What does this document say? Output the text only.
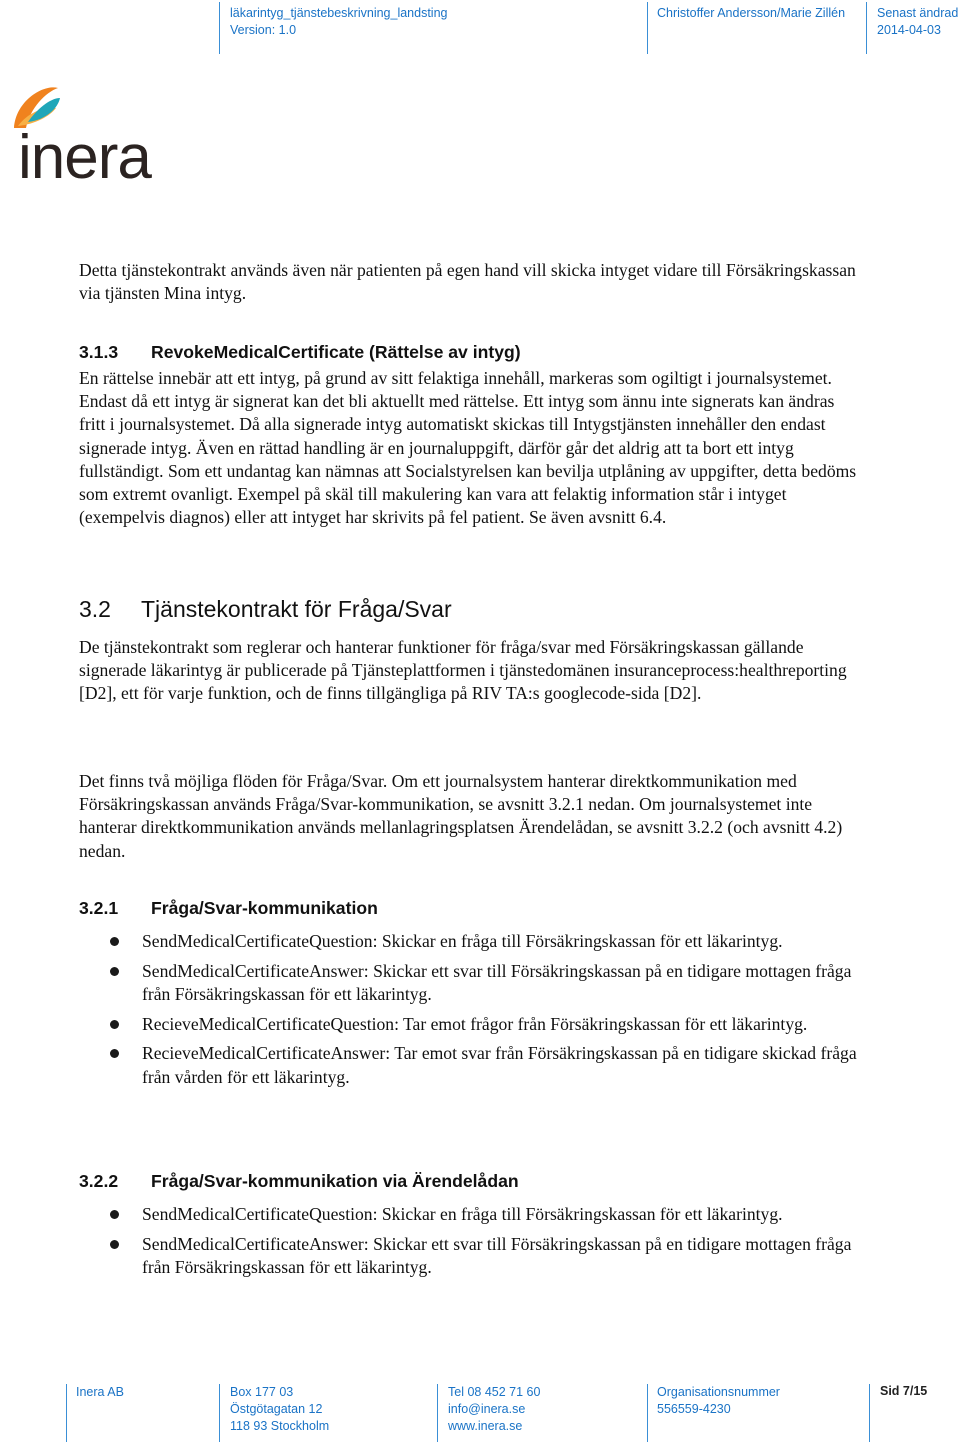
läkarintyg_tjänstebeskrivning_landsting
Version: 1.0
Christoffer Andersson/Marie Zillén	Senast ändrad
2014-04-03
inera

Detta tjänstekontrakt används även när patienten på egen hand vill skicka intyget vidare till Försäkringskassan via tjänsten Mina intyg.

3.1.3 RevokeMedicalCertificate (Rättelse av intyg)

En rättelse innebär att ett intyg, på grund av sitt felaktiga innehåll, markeras som ogiltigt i journalsystemet. Endast då ett intyg är signerat kan det bli aktuellt med rättelse. Ett intyg som ännu inte signerats kan ändras fritt i journalsystemet. Då alla signerade intyg automatiskt skickas till Intygstjänsten innehåller den endast signerade intyg. Även en rättad handling är en journaluppgift, därför går det aldrig att ta bort ett intyg fullständigt. Som ett undantag kan nämnas att Socialstyrelsen kan bevilja utplåning av uppgifter, detta bedöms som extremt ovanligt. Exempel på skäl till makulering kan vara att felaktig information står i intyget (exempelvis diagnos) eller att intyget har skrivits på fel patient. Se även avsnitt 6.4.

3.2 Tjänstekontrakt för Fråga/Svar

De tjänstekontrakt som reglerar och hanterar funktioner för fråga/svar med Försäkringskassan gällande signerade läkarintyg är publicerade på Tjänsteplattformen i tjänstedomänen insuranceprocess:healthreporting [D2], ett för varje funktion, och de finns tillgängliga på RIV TA:s googlecode-sida [D2].

Det finns två möjliga flöden för Fråga/Svar. Om ett journalsystem hanterar direktkommunikation med Försäkringskassan används Fråga/Svar-kommunikation, se avsnitt 3.2.1 nedan. Om journalsystemet inte hanterar direktkommunikation används mellanlagringsplatsen Ärendelådan, se avsnitt 3.2.2 (och avsnitt 4.2) nedan.

3.2.1 Fråga/Svar-kommunikation
SendMedicalCertificateQuestion: Skickar en fråga till Försäkringskassan för ett läkarintyg.
SendMedicalCertificateAnswer: Skickar ett svar till Försäkringskassan på en tidigare mottagen fråga från Försäkringskassan för ett läkarintyg.
RecieveMedicalCertificateQuestion: Tar emot frågor från Försäkringskassan för ett läkarintyg.
RecieveMedicalCertificateAnswer: Tar emot svar från Försäkringskassan på en tidigare skickad fråga från vården för ett läkarintyg.
3.2.2 Fråga/Svar-kommunikation via Ärendelådan
SendMedicalCertificateQuestion: Skickar en fråga till Försäkringskassan för ett läkarintyg.
SendMedicalCertificateAnswer: Skickar ett svar till Försäkringskassan på en tidigare mottagen fråga från Försäkringskassan för ett läkarintyg.
Inera AB	Box 177 03
Östgötagatan 12
118 93 Stockholm
Tel 08 452 71 60
info@inera.se
www.inera.se
Organisationsnummer
556559-4230
Sid 7/15
